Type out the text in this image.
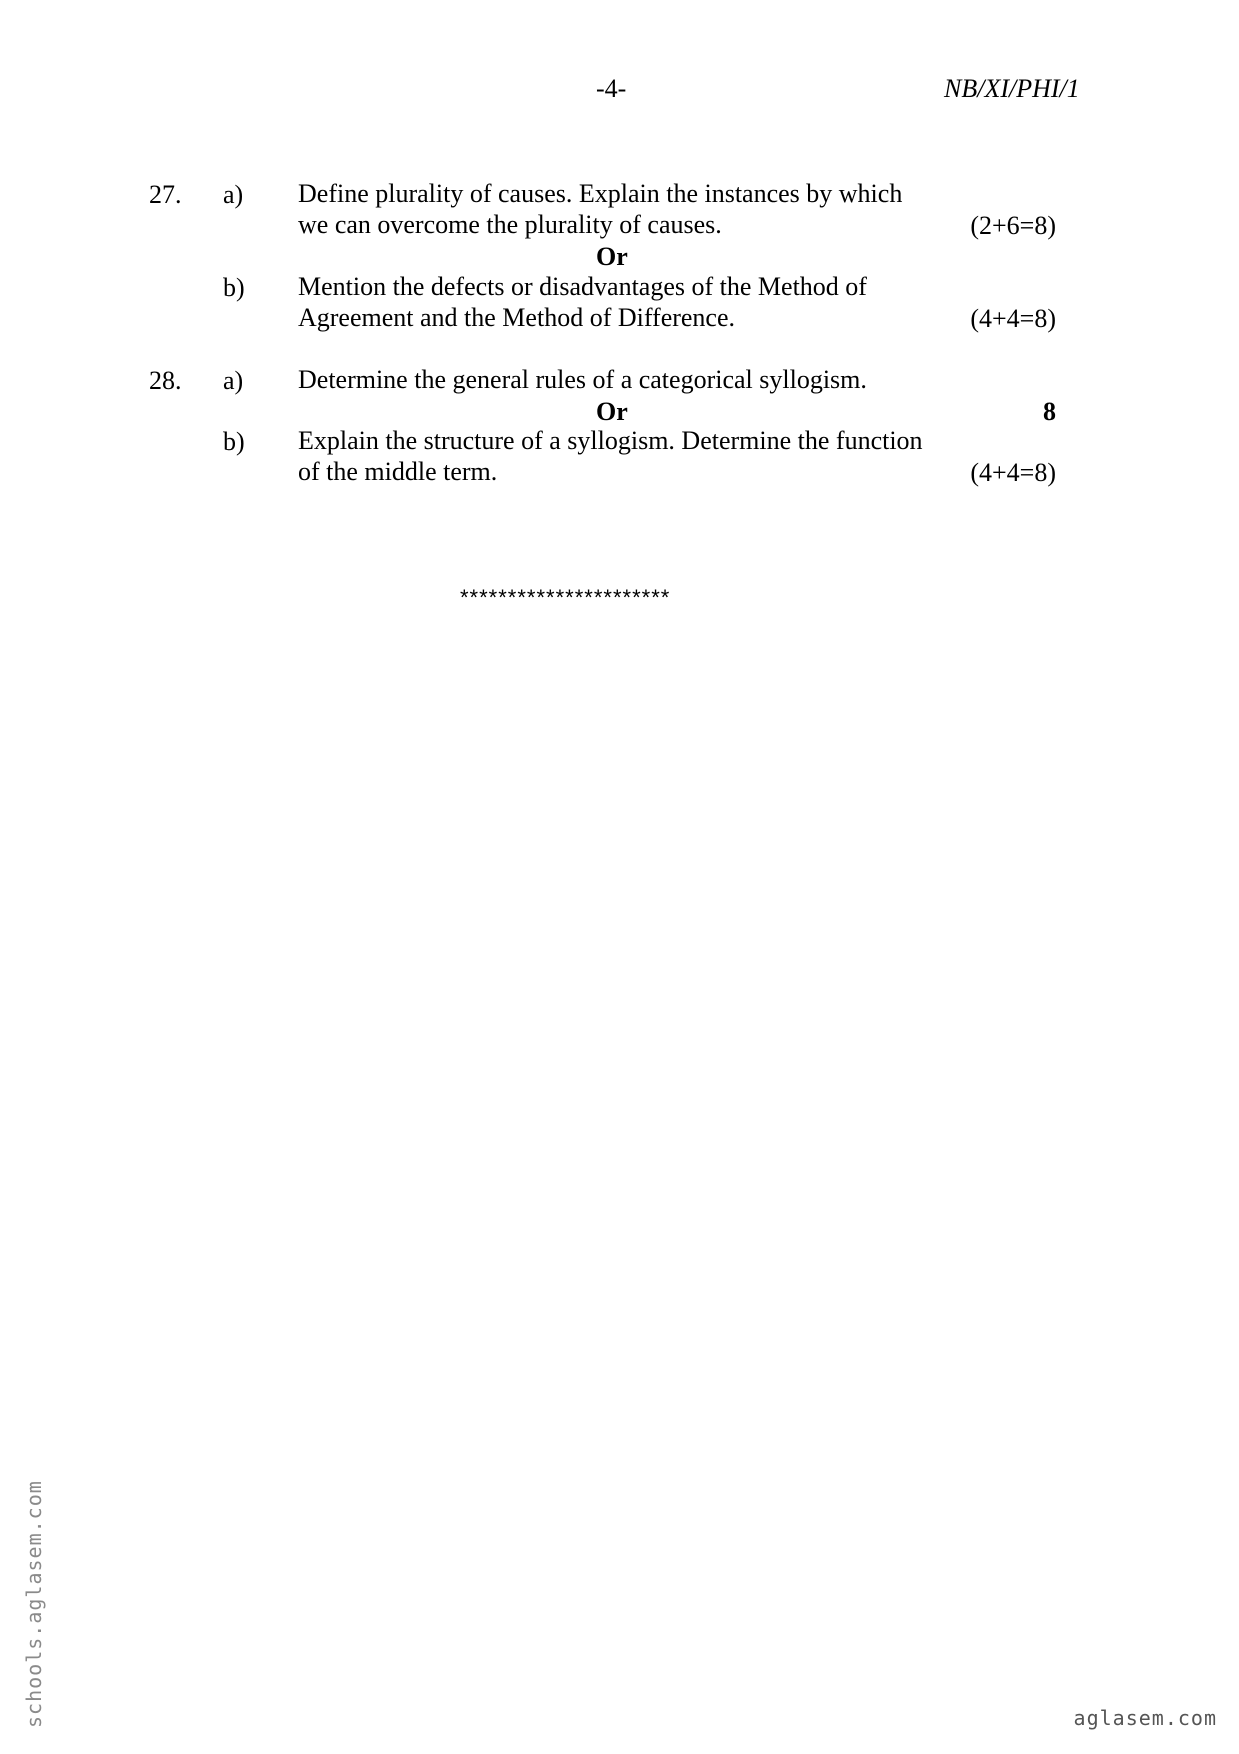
-4-	NB/XI/PHI/1
27. a) Define plurality of causes. Explain the instances by which
we can overcome the plurality of causes.	(2+6=8)
Or
b) Mention the defects or disadvantages of the Method of
Agreement and the Method of Difference.	(4+4=8)
28. a) Determine the general rules of a categorical syllogism.
Or	8
b) Explain the structure of a syllogism. Determine the function
of the middle term.	(4+4=8)
**********************
schools.aglasem.com	aglasem.com
